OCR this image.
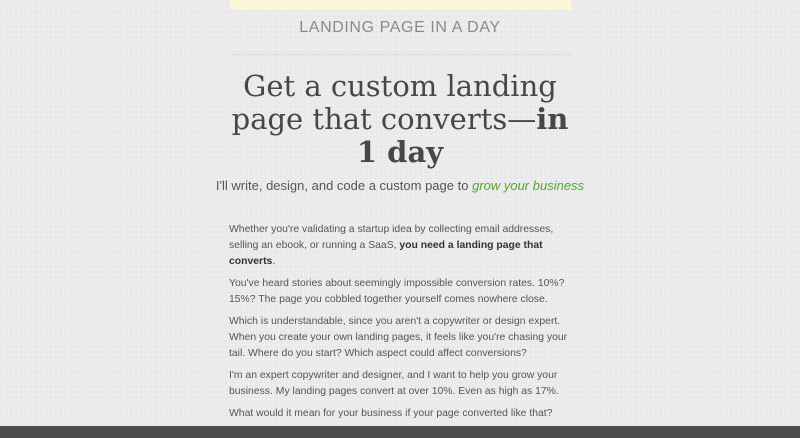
LANDING PAGE IN A DAY

Get a custom landing page that converts—in 1 day

I'll write, design, and code a custom page to grow your business

Whether you're validating a startup idea by collecting email addresses, selling an ebook, or running a SaaS, you need a landing page that converts.

You've heard stories about seemingly impossible conversion rates. 10%? 15%? The page you cobbled together yourself comes nowhere close.

Which is understandable, since you aren't a copywriter or design expert. When you create your own landing pages, it feels like you're chasing your tail. Where do you start? Which aspect could affect conversions?

I'm an expert copywriter and designer, and I want to help you grow your business. My landing pages convert at over 10%. Even as high as 17%.

What would it mean for your business if your page converted like that?
